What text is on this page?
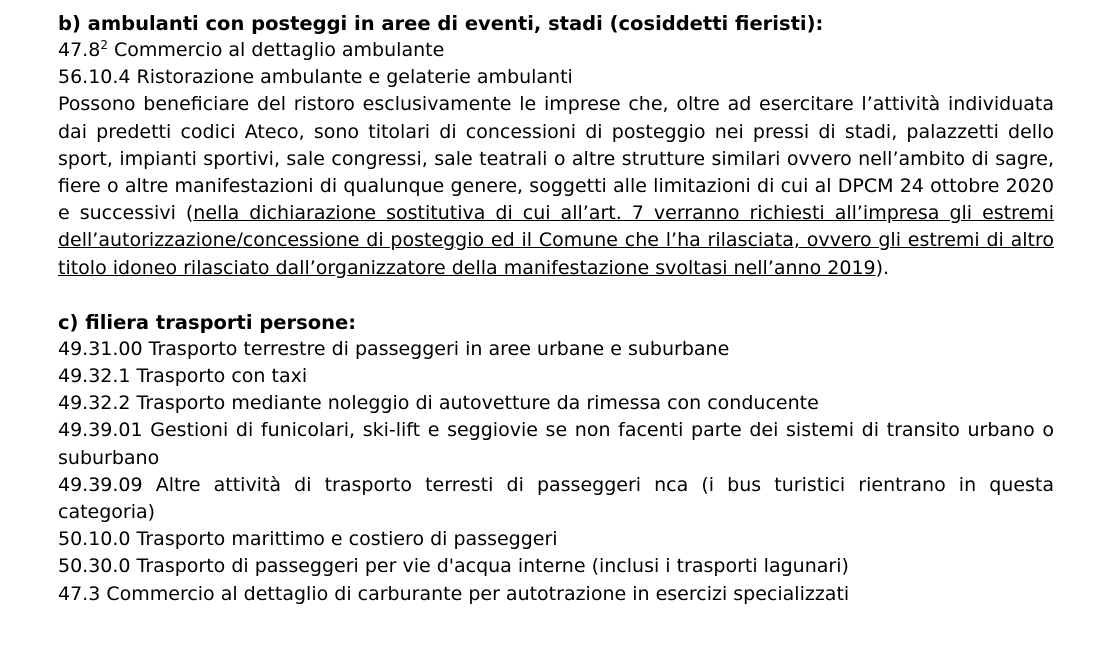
b) ambulanti con posteggi in aree di eventi, stadi (cosiddetti fieristi):

47.8$^2$ Commercio al dettaglio ambulante

56.10.4 Ristorazione ambulante e gelaterie ambulanti

Possono beneficiare del ristoro esclusivamente le imprese che, oltre ad esercitare l’attività individuata dai predetti codici Ateco, sono titolari di concessioni di posteggio nei pressi di stadi, palazzetti dello sport, impianti sportivi, sale congressi, sale teatrali o altre strutture similari ovvero nell’ambito di sagre, fiere o altre manifestazioni di qualunque genere, soggetti alle limitazioni di cui al DPCM 24 ottobre 2020 e successivi (nella dichiarazione sostitutiva di cui all’art. 7 verranno richiesti all’impresa gli estremi dell’autorizzazione/concessione di posteggio ed il Comune che l’ha rilasciata, ovvero gli estremi di altro titolo idoneo rilasciato dall’organizzatore della manifestazione svoltasi nell’anno 2019).

c) filiera trasporti persone:

49.31.00 Trasporto terrestre di passeggeri in aree urbane e suburbane

49.32.1 Trasporto con taxi

49.32.2 Trasporto mediante noleggio di autovetture da rimessa con conducente

49.39.01 Gestioni di funicolari, ski-lift e seggiovie se non facenti parte dei sistemi di transito urbano o suburbano

49.39.09 Altre attività di trasporto terresti di passeggeri nca (i bus turistici rientrano in questa categoria)

50.10.0 Trasporto marittimo e costiero di passeggeri

50.30.0 Trasporto di passeggeri per vie d'acqua interne (inclusi i trasporti lagunari)

47.3 Commercio al dettaglio di carburante per autotrazione in esercizi specializzati
